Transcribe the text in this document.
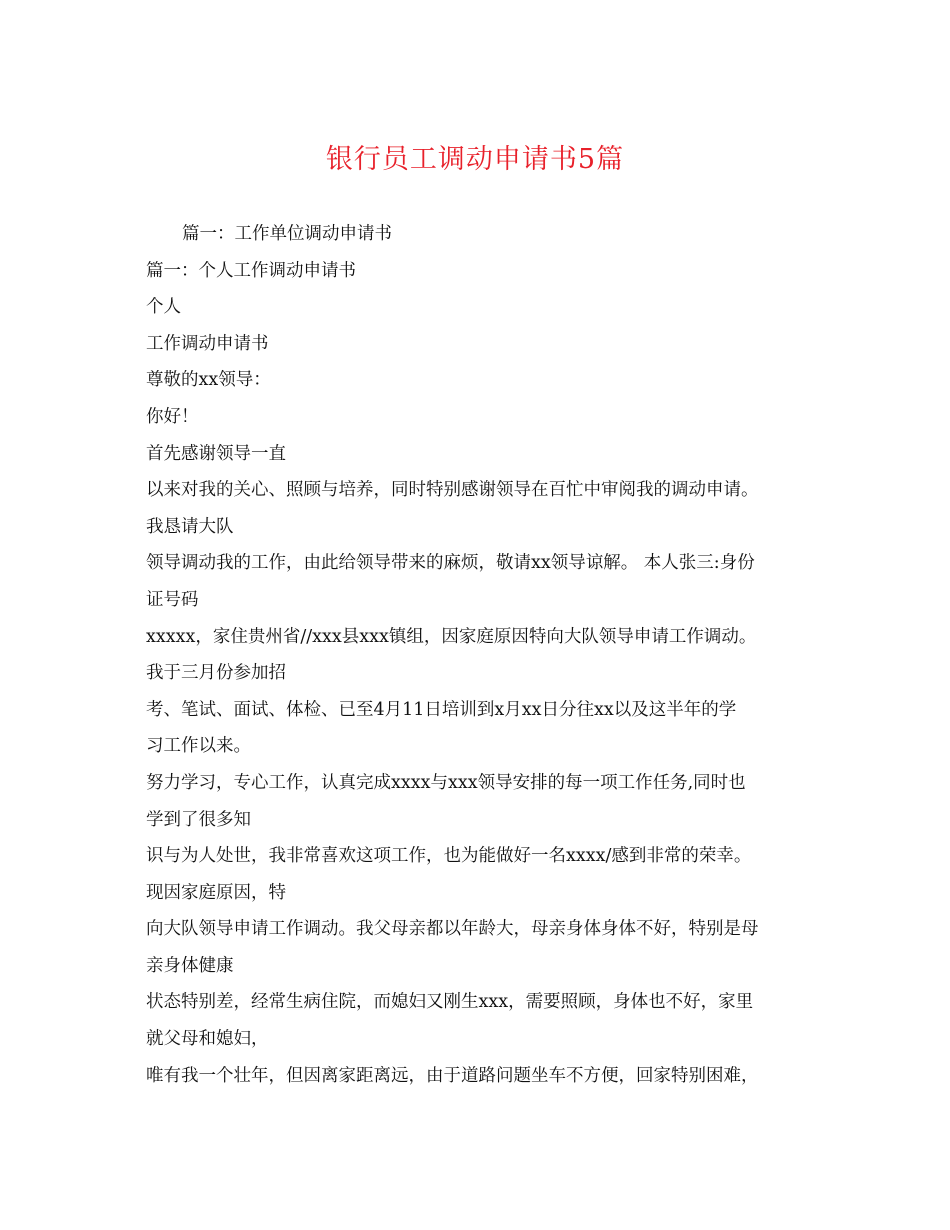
银行员工调动申请书5篇
篇一：工作单位调动申请书
篇一：个人工作调动申请书
个人
工作调动申请书
尊敬的xx领导：
你好！
首先感谢领导一直
以来对我的关心、照顾与培养，同时特别感谢领导在百忙中审阅我的调动申请。
我恳请大队
领导调动我的工作，由此给领导带来的麻烦，敬请xx领导谅解。 本人张三:身份
证号码
xxxxx，家住贵州省//xxx县xxx镇组，因家庭原因特向大队领导申请工作调动。
我于三月份参加招
考、笔试、面试、体检、已至4月11日培训到x月xx日分往xx以及这半年的学
习工作以来。
努力学习，专心工作，认真完成xxxx与xxx领导安排的每一项工作任务,同时也
学到了很多知
识与为人处世，我非常喜欢这项工作，也为能做好一名xxxx/感到非常的荣幸。
现因家庭原因，特
向大队领导申请工作调动。我父母亲都以年龄大，母亲身体身体不好，特别是母
亲身体健康
状态特别差，经常生病住院，而媳妇又刚生xxx，需要照顾，身体也不好，家里
就父母和媳妇，
唯有我一个壮年，但因离家距离远，由于道路问题坐车不方便，回家特别困难，
